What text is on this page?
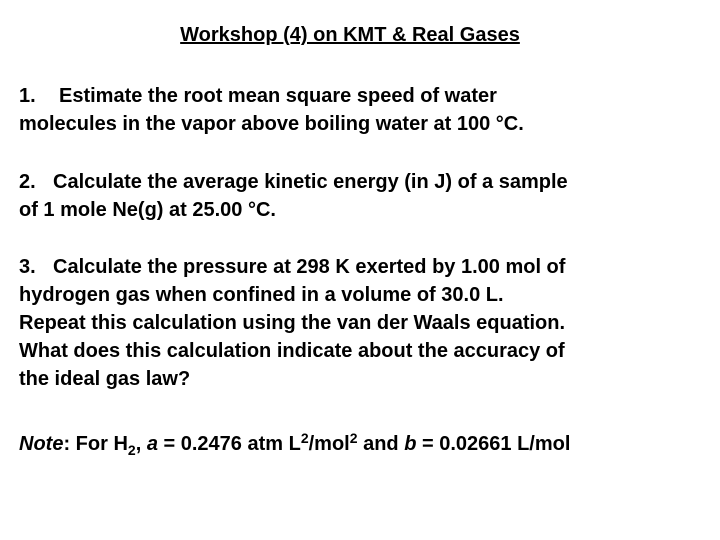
Workshop (4) on KMT & Real Gases
1. Estimate the root mean square speed of water
molecules in the vapor above boiling water at 100 °C.
2. Calculate the average kinetic energy (in J) of a sample
of 1 mole Ne(g) at 25.00 °C.
3. Calculate the pressure at 298 K exerted by 1.00 mol of
hydrogen gas when confined in a volume of 30.0 L.
Repeat this calculation using the van der Waals equation.
What does this calculation indicate about the accuracy of
the ideal gas law?
Note: For $H_2$, a = 0.2476 atm $L^2/mol^2$ and b = 0.02661 L/mol
